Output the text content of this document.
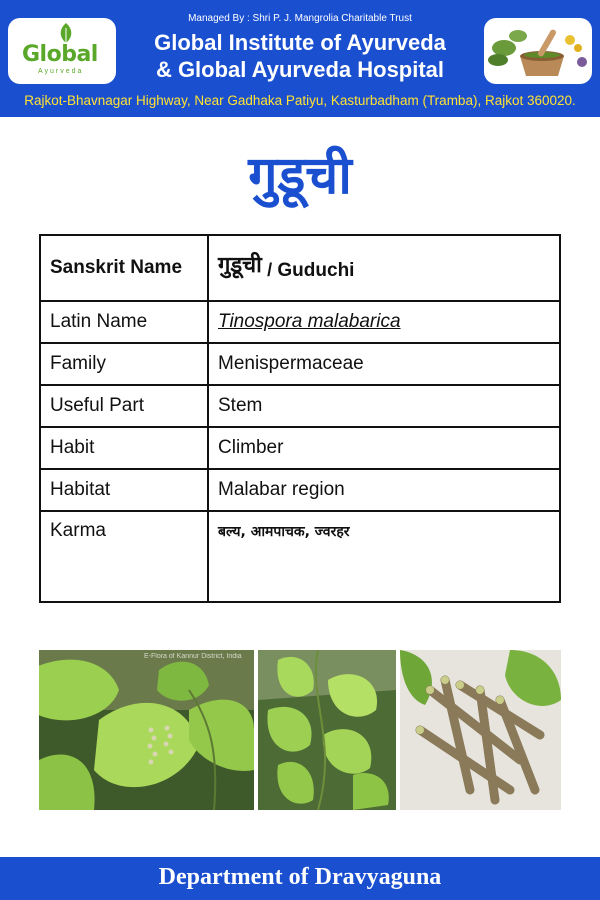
Global
Ayurveda
Managed By : Shri P. J. Mangrolia Charitable Trust
Global Institute of Ayurveda
& Global Ayurveda Hospital
Rajkot-Bhavnagar Highway, Near Gadhaka Patiyu, Kasturbadham (Tramba), Rajkot 360020.
गुडूची
Sanskrit Name	गुडूची / Guduchi
Latin Name	Tinospora malabarica
Family	Menispermaceae
Useful Part	Stem
Habit	Climber
Habitat	Malabar region
Karma	बल्य, आमपाचक, ज्वरहर
E-Flora of Kannur District, India
Department of Dravyaguna
